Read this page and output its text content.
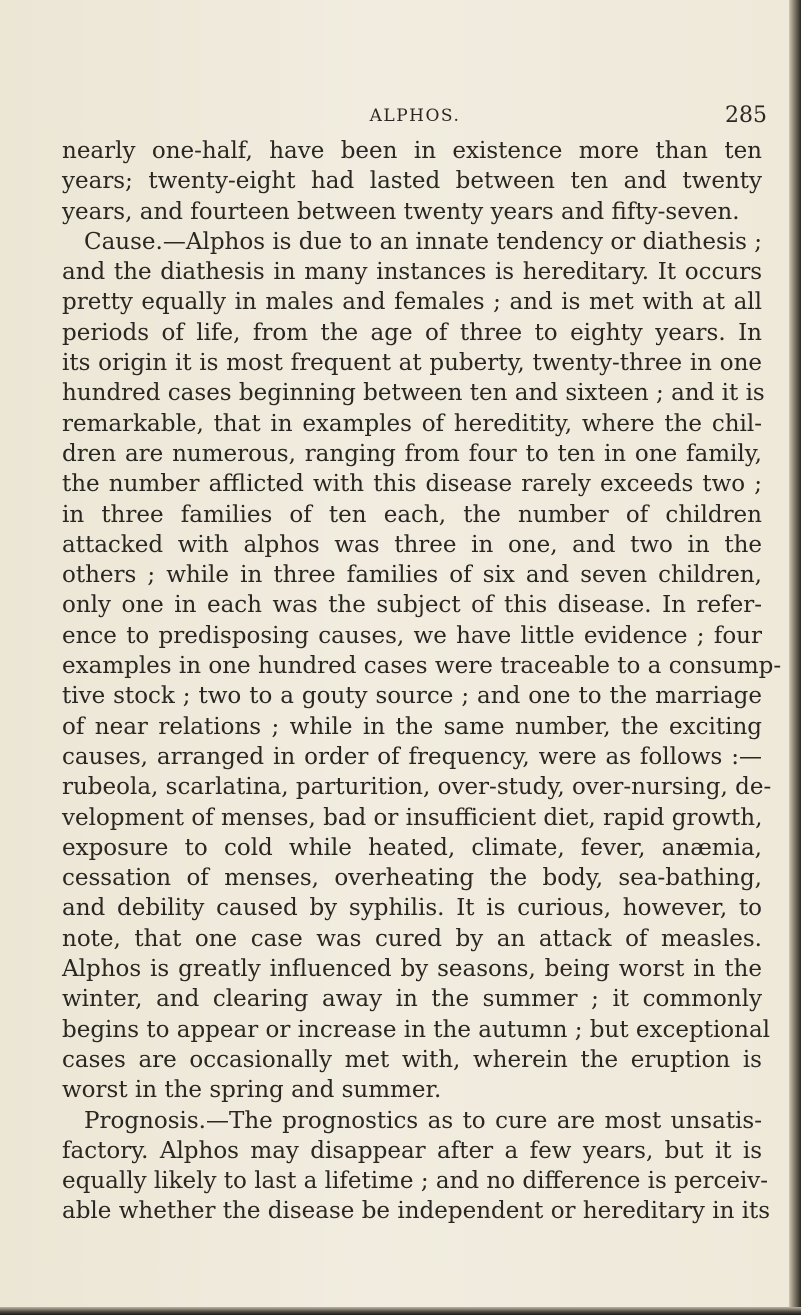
ALPHOS.	285
nearly one-half, have been in existence more than ten
years; twenty-eight had lasted between ten and twenty
years, and fourteen between twenty years and fifty-seven.
Cause.—Alphos is due to an innate tendency or diathesis ;
and the diathesis in many instances is hereditary. It occurs
pretty equally in males and females ; and is met with at all
periods of life, from the age of three to eighty years. In
its origin it is most frequent at puberty, twenty-three in one
hundred cases beginning between ten and sixteen ; and it is
remarkable, that in examples of hereditity, where the chil-
dren are numerous, ranging from four to ten in one family,
the number afflicted with this disease rarely exceeds two ;
in three families of ten each, the number of children
attacked with alphos was three in one, and two in the
others ; while in three families of six and seven children,
only one in each was the subject of this disease. In refer-
ence to predisposing causes, we have little evidence ; four
examples in one hundred cases were traceable to a consump-
tive stock ; two to a gouty source ; and one to the marriage
of near relations ; while in the same number, the exciting
causes, arranged in order of frequency, were as follows :—
rubeola, scarlatina, parturition, over-study, over-nursing, de-
velopment of menses, bad or insufficient diet, rapid growth,
exposure to cold while heated, climate, fever, anæmia,
cessation of menses, overheating the body, sea-bathing,
and debility caused by syphilis. It is curious, however, to
note, that one case was cured by an attack of measles.
Alphos is greatly influenced by seasons, being worst in the
winter, and clearing away in the summer ; it commonly
begins to appear or increase in the autumn ; but exceptional
cases are occasionally met with, wherein the eruption is
worst in the spring and summer.
Prognosis.—The prognostics as to cure are most unsatis-
factory. Alphos may disappear after a few years, but it is
equally likely to last a lifetime ; and no difference is perceiv-
able whether the disease be independent or hereditary in its
